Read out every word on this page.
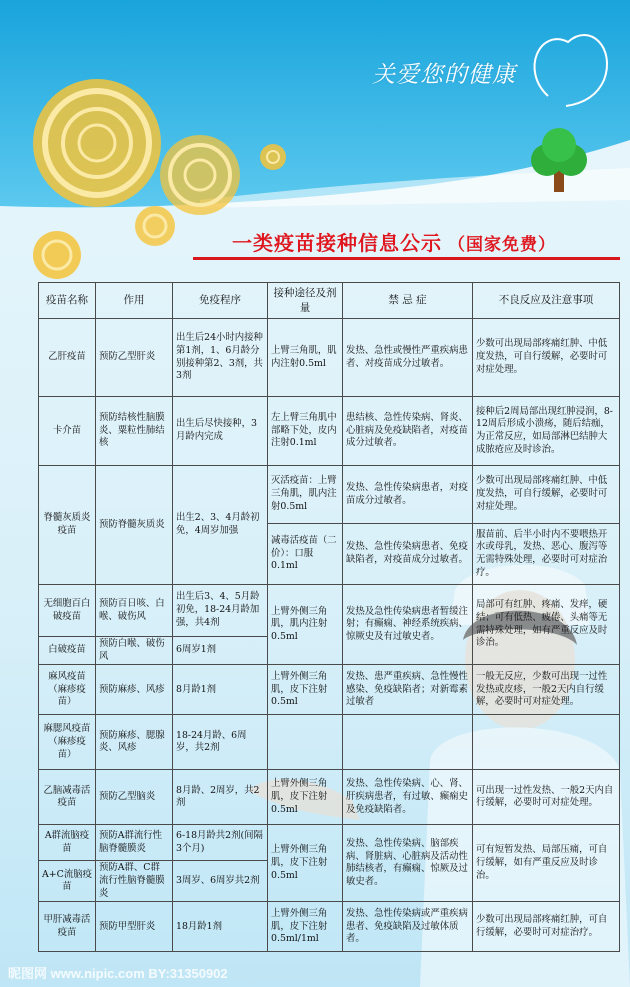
关爱您的健康
一类疫苗接种信息公示 （国家免费）
疫苗名称	作用	免疫程序	接种途径及剂量	禁 忌 症	不良反应及注意事项
乙肝疫苗	预防乙型肝炎	出生后24小时内接种第1剂，1、6月龄分别接种第2、3剂，共3剂	上臂三角肌，肌内注射0.5ml	发热、急性或慢性严重疾病患者、对疫苗成分过敏者。	少数可出现局部疼痛红肿、中低度发热，可自行缓解，必要时可对症处理。
卡介苗	预防结核性脑膜炎、粟粒性肺结核	出生后尽快接种，3月龄内完成	左上臂三角肌中部略下处，皮内注射0.1ml	患结核、急性传染病、肾炎、心脏病及免疫缺陷者，对疫苗成分过敏者。	接种后2周局部出现红肿浸润，8-12周后形成小溃疡，随后结痂，为正常反应，如局部淋巴结肿大成脓疮应及时诊治。
脊髓灰质炎疫苗	预防脊髓灰质炎	出生2、3、4月龄初免，4周岁加强	灭活疫苗：上臂三角肌，肌内注射0.5ml	发热、急性传染病患者，对疫苗成分过敏者。	少数可出现局部疼痛红肿、中低度发热，可自行缓解，必要时可对症处理。
			减毒活疫苗（二价）：口服0.1ml	发热、急性传染病患者、免疫缺陷者，对疫苗成分过敏者。	服苗前、后半小时内不要喂热开水或母乳，发热、恶心、腹泻等无需特殊处理，必要时可对症治疗。
无细胞百白破疫苗	预防百日咳、白喉、破伤风	出生后3、4、5月龄初免，18-24月龄加强，共4剂	上臂外侧三角肌，肌内注射0.5ml	发热及急性传染病患者暂缓注射；有癫痫、神经系统疾病、惊厥史及有过敏史者。	局部可有红肿、疼痛、发痒，硬结；可有低热、疲倦、头痛等无需特殊处理，如有严重反应及时诊治。
白破疫苗	预防白喉、破伤风	6周岁1剂			
麻风疫苗（麻疹疫苗）	预防麻疹、风疹	8月龄1剂	上臂外侧三角肌，皮下注射0.5ml	发热、患严重疾病、急性慢性感染、免疫缺陷者；对新霉素过敏者	一般无反应，少数可出现一过性发热或皮疹，一般2天内自行缓解，必要时可对症处理。
麻腮风疫苗（麻疹疫苗）	预防麻疹、腮腺炎、风疹	18-24月龄、6周岁，共2剂			
乙脑减毒活疫苗	预防乙型脑炎	8月龄、2周岁，共2剂	上臂外侧三角肌，皮下注射0.5ml	发热、急性传染病、心、肾、肝疾病患者，有过敏、癫痫史及免疫缺陷者。	可出现一过性发热、一般2天内自行缓解，必要时可对症处理。
A群流脑疫苗	预防A群流行性脑脊髓膜炎	6-18月龄共2剂(间隔3个月)	上臂外侧三角肌，皮下注射0.5ml	发热、急性传染病、脑部疾病、肾脏病、心脏病及活动性肺结核者，有癫痫、惊厥及过敏史者。	可有短暂发热、局部压痛，可自行缓解，如有严重反应及时诊治。
A+C流脑疫苗	预防A群、C群流行性脑脊髓膜炎	3周岁、6周岁共2剂			
甲肝减毒活疫苗	预防甲型肝炎	18月龄1剂	上臂外侧三角肌，皮下注射0.5ml/1ml	发热、急性传染病或严重疾病患者、免疫缺陷及过敏体质者。	少数可出现局部疼痛红肿，可自行缓解，必要时可对症治疗。
昵图网 www.nipic.com BY:31350902
